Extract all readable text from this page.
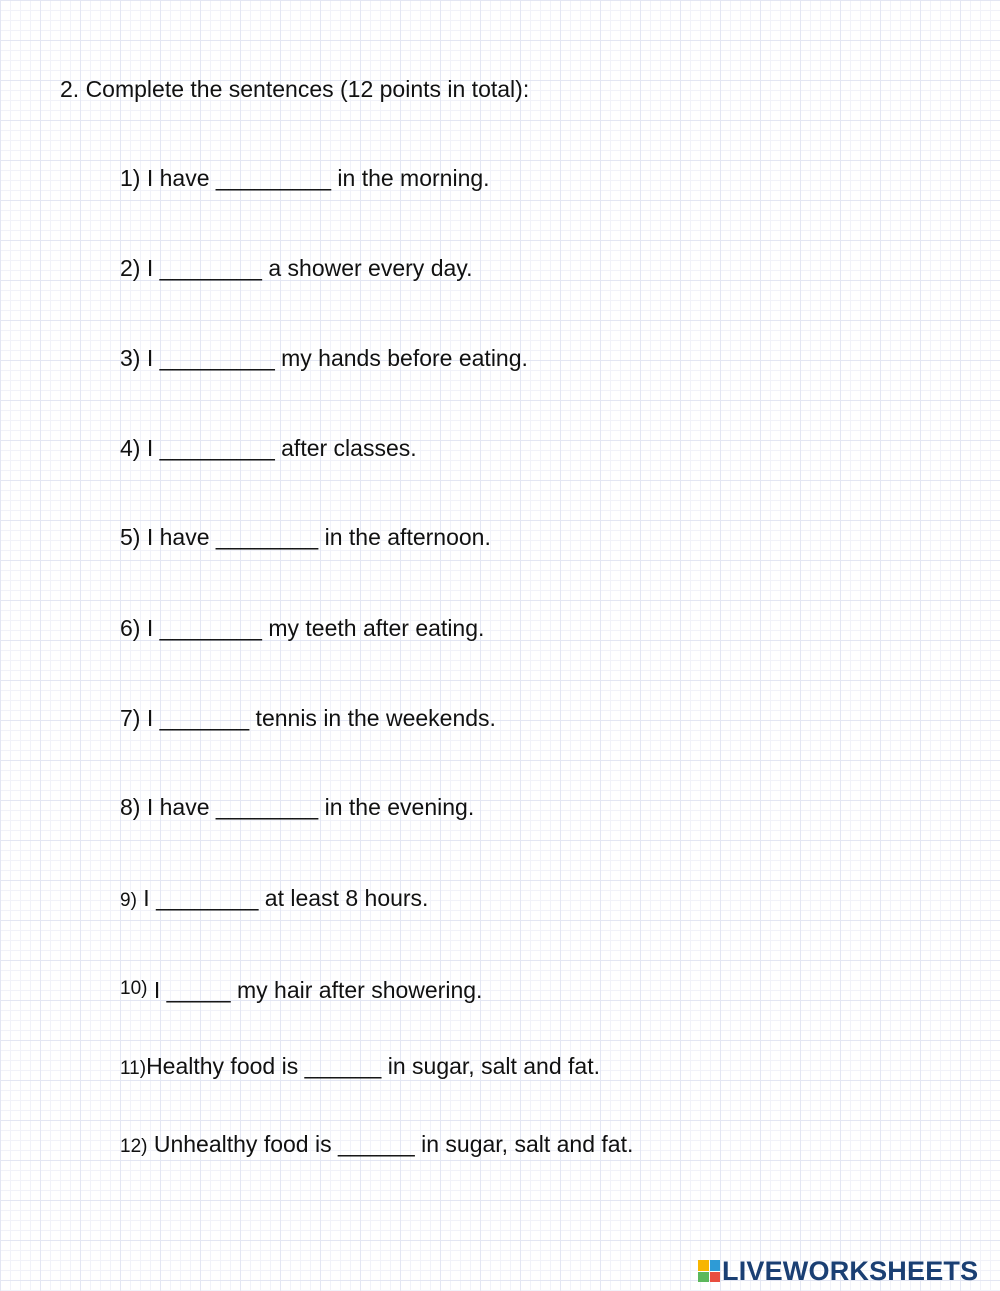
2. Complete the sentences (12 points in total):
1) I have _________ in the morning.
2) I ________ a shower every day.
3) I _________ my hands before eating.
4) I _________ after classes.
5) I have ________ in the afternoon.
6) I ________ my teeth after eating.
7) I _______ tennis in the weekends.
8) I have ________ in the evening.
9) I ________ at least 8 hours.
10) I _____ my hair after showering.
11)Healthy food is ______ in sugar, salt and fat.
12) Unhealthy food is ______ in sugar, salt and fat.
LIVEWORKSHEETS
